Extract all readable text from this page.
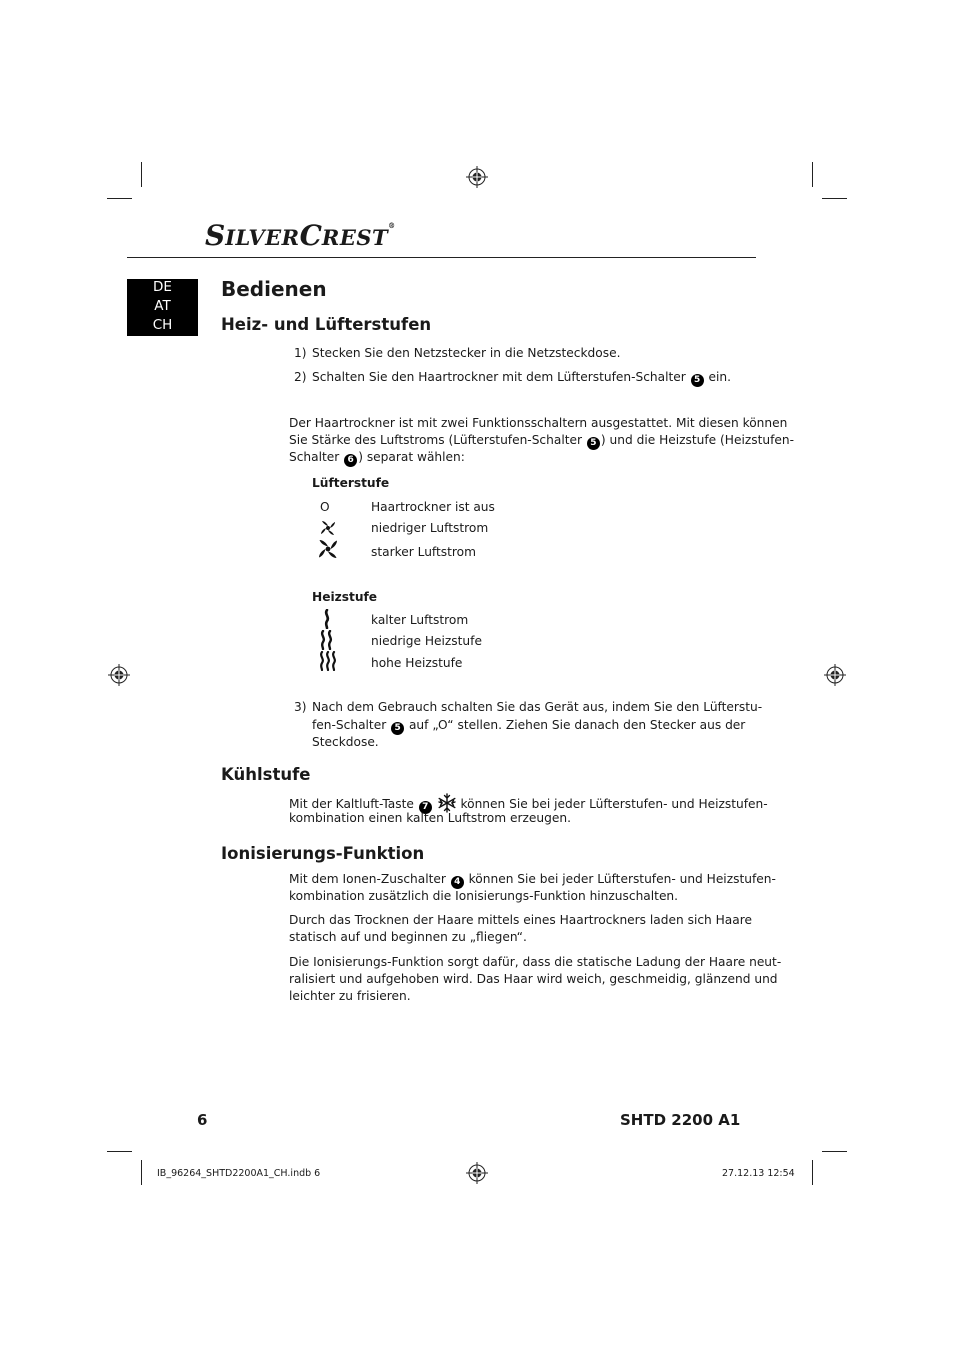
SILVERCREST®
DE
AT
CH
Bedienen
Heiz- und Lüfterstufen
1) Stecken Sie den Netzstecker in die Netzsteckdose.
2) Schalten Sie den Haartrockner mit dem Lüfterstufen-Schalter 5 ein.
Der Haartrockner ist mit zwei Funktionsschaltern ausgestattet. Mit diesen können
Sie Stärke des Luftstroms (Lüfterstufen-Schalter 5 ) und die Heizstufe (Heizstufen-
Schalter 6 ) separat wählen:
Lüfterstufe
O	Haartrockner ist aus
niedriger Luftstrom
starker Luftstrom
Heizstufe
kalter Luftstrom
niedrige Heizstufe
hohe Heizstufe
3) Nach dem Gebrauch schalten Sie das Gerät aus, indem Sie den Lüfterstu-
fen-Schalter 5 auf „O“ stellen. Ziehen Sie danach den Stecker aus der
Steckdose.
Kühlstufe
Mit der Kaltluft-Taste 7	können Sie bei jeder Lüfterstufen- und Heizstufen-
kombination einen kalten Luftstrom erzeugen.
Ionisierungs-Funktion
Mit dem Ionen-Zuschalter 4 können Sie bei jeder Lüfterstufen- und Heizstufen-
kombination zusätzlich die Ionisierungs-Funktion hinzuschalten.
Durch das Trocknen der Haare mittels eines Haartrockners laden sich Haare
statisch auf und beginnen zu „fliegen“.
Die Ionisierungs-Funktion sorgt dafür, dass die statische Ladung der Haare neut-
ralisiert und aufgehoben wird. Das Haar wird weich, geschmeidig, glänzend und
leichter zu frisieren.
6	SHTD 2200 A1
IB_96264_SHTD2200A1_CH.indb 6	27.12.13 12:54
